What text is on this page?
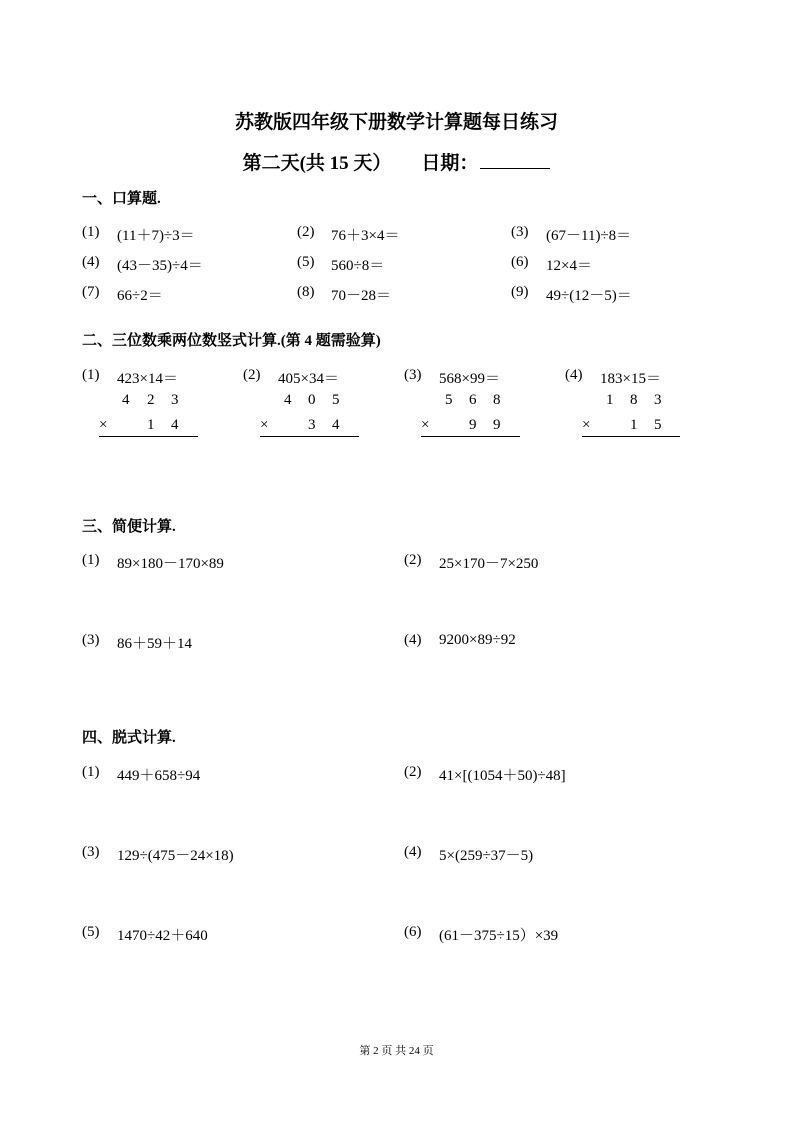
苏教版四年级下册数学计算题每日练习
第二天(共 15 天） 日期：
一、口算题.
(1) (11＋7)÷3＝	(2) 76＋3×4＝	(3) (67－11)÷8＝
(4) (43－35)÷4＝	(5) 560÷8＝	(6) 12×4＝
(7) 66÷2＝	(8) 70－28＝	(9) 49÷(12－5)＝
二、三位数乘两位数竖式计算.(第 4 题需验算)
(1) 423×14＝
4 2 3
×	1 4
(2) 405×34＝
4 0 5
×	3 4
(3) 568×99＝
5 6 8
×	9 9
(4) 183×15＝
1 8 3
×	1 5
三、简便计算.
(1) 89×180－170×89	(2) 25×170－7×250
(3) 86＋59＋14	(4) 9200×89÷92
四、脱式计算.
(1) 449＋658÷94	(2) 41×[(1054＋50)÷48]
(3) 129÷(475－24×18)	(4) 5×(259÷37－5)
(5) 1470÷42＋640	(6) (61－375÷15）×39
第 2 页 共 24 页
